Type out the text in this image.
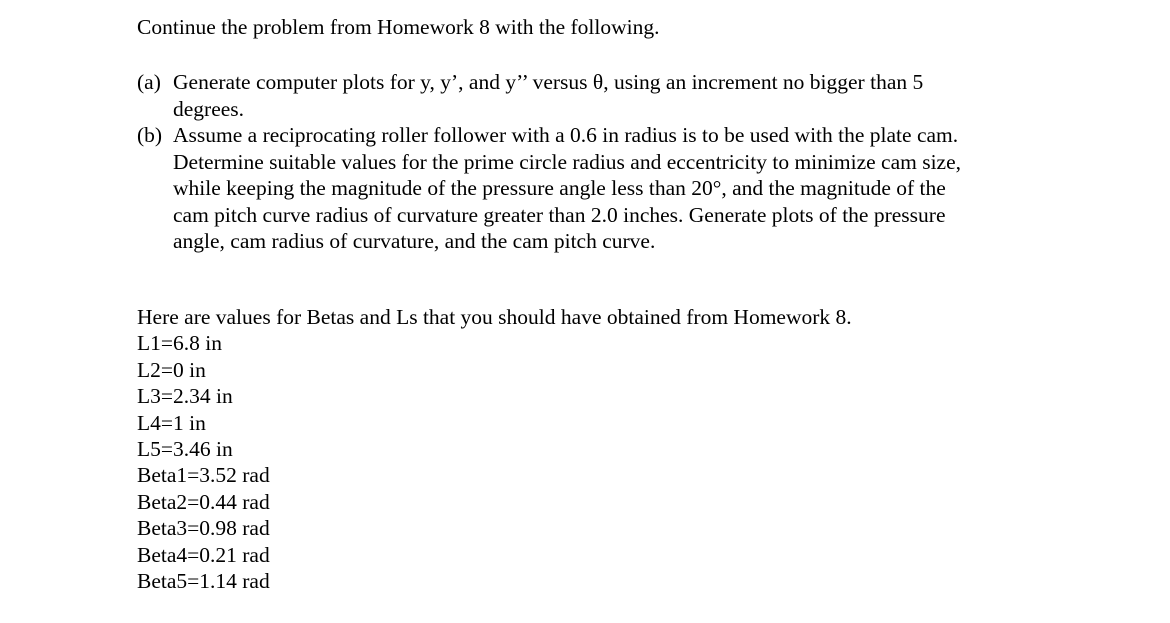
Continue the problem from Homework 8 with the following.
(a) Generate computer plots for y, y’, and y’’ versus θ, using an increment no bigger than 5
degrees.
(b) Assume a reciprocating roller follower with a 0.6 in radius is to be used with the plate cam.
Determine suitable values for the prime circle radius and eccentricity to minimize cam size,
while keeping the magnitude of the pressure angle less than 20°, and the magnitude of the
cam pitch curve radius of curvature greater than 2.0 inches. Generate plots of the pressure
angle, cam radius of curvature, and the cam pitch curve.
Here are values for Betas and Ls that you should have obtained from Homework 8.
L1=6.8 in
L2=0 in
L3=2.34 in
L4=1 in
L5=3.46 in
Beta1=3.52 rad
Beta2=0.44 rad
Beta3=0.98 rad
Beta4=0.21 rad
Beta5=1.14 rad
